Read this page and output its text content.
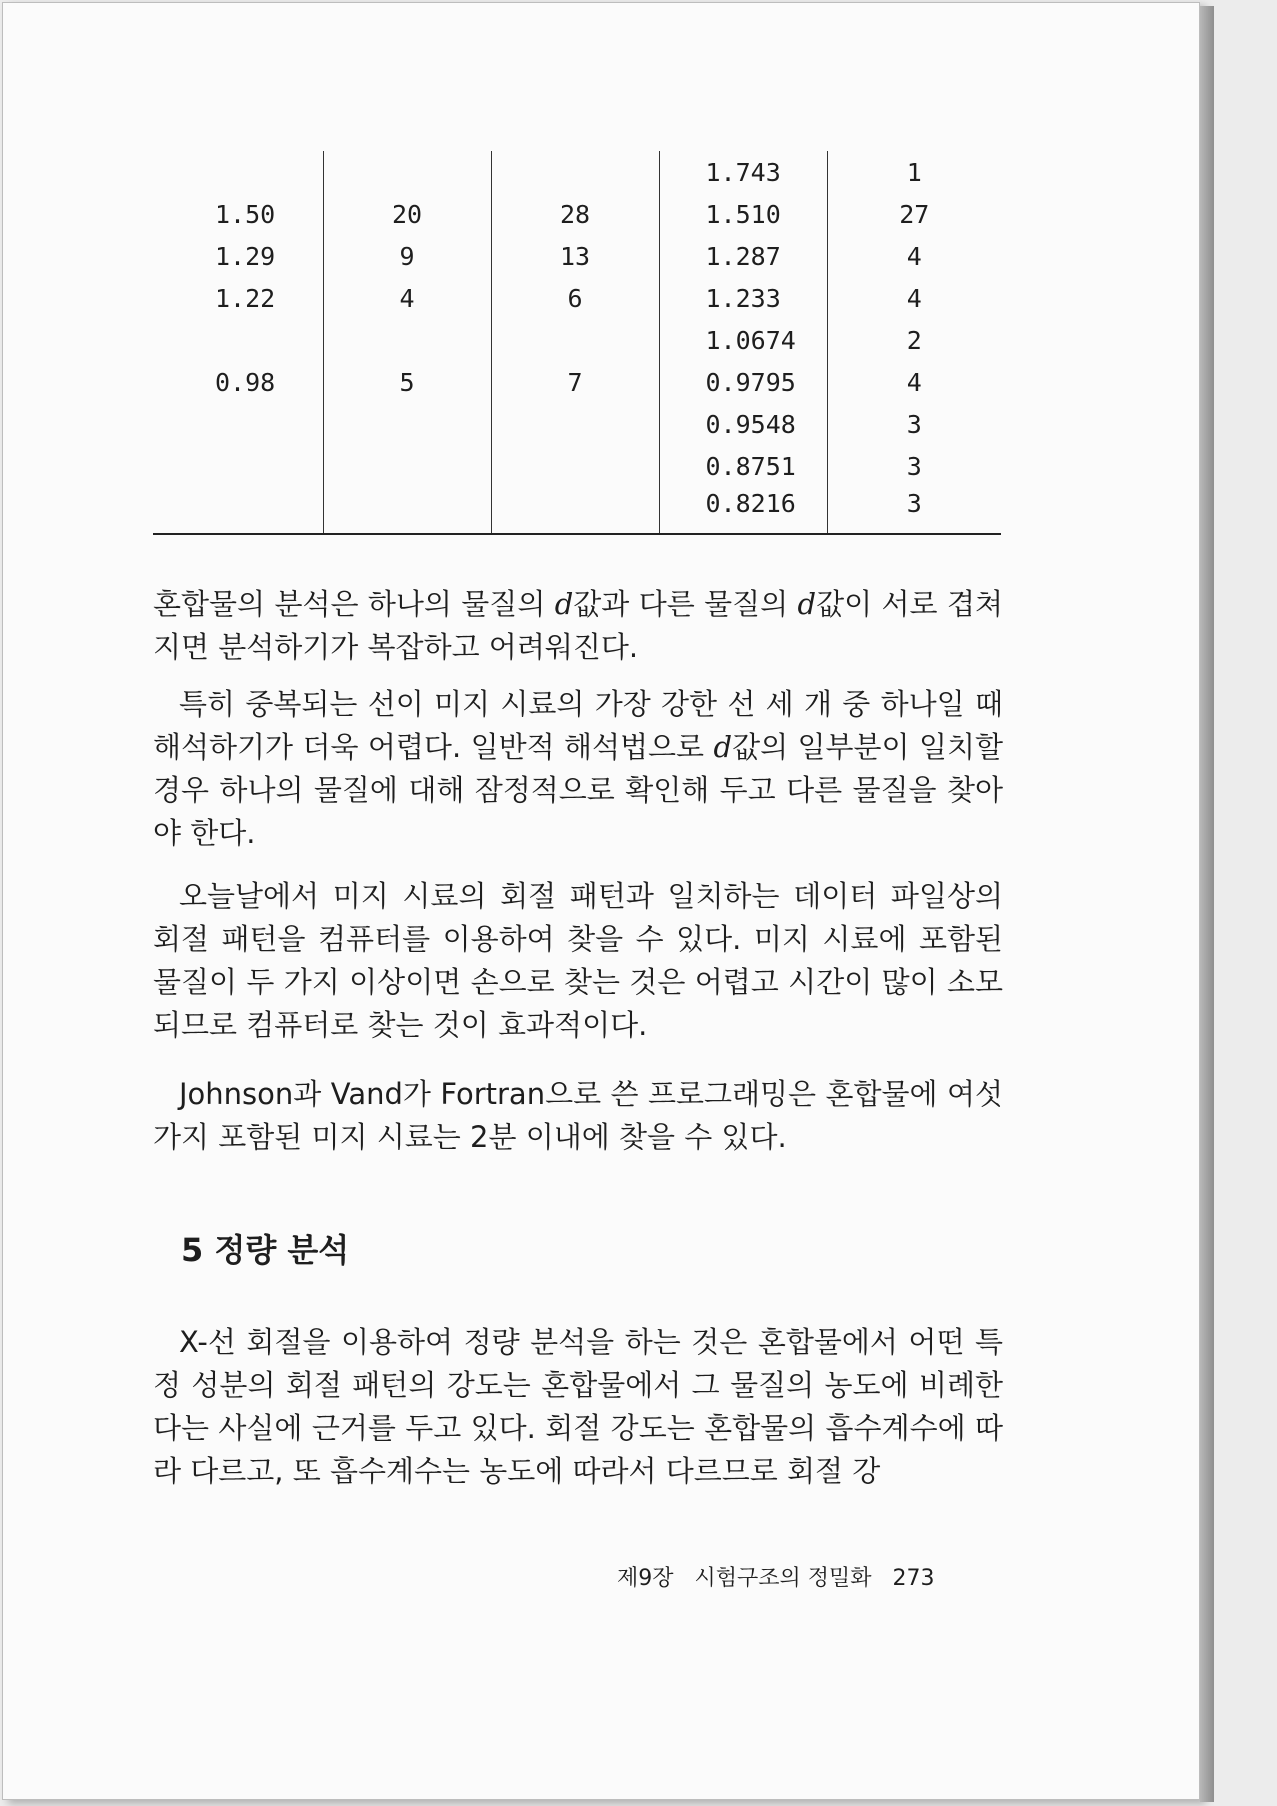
			1.743	1
1.50	20	28	1.510	27
1.29	9	13	1.287	4
1.22	4	6	1.233	4
			1.0674	2
0.98	5	7	0.9795	4
			0.9548	3
			0.8751	3
			0.8216	3

혼합물의 분석은 하나의 물질의 d값과 다른 물질의 d값이 서로 겹쳐지면 분석하기가 복잡하고 어려워진다.

특히 중복되는 선이 미지 시료의 가장 강한 선 세 개 중 하나일 때 해석하기가 더욱 어렵다. 일반적 해석법으로 d값의 일부분이 일치할 경우 하나의 물질에 대해 잠정적으로 확인해 두고 다른 물질을 찾아야 한다.

오늘날에서 미지 시료의 회절 패턴과 일치하는 데이터 파일상의 회절 패턴을 컴퓨터를 이용하여 찾을 수 있다. 미지 시료에 포함된 물질이 두 가지 이상이면 손으로 찾는 것은 어렵고 시간이 많이 소모되므로 컴퓨터로 찾는 것이 효과적이다.

Johnson과 Vand가 Fortran으로 쓴 프로그래밍은 혼합물에 여섯 가지 포함된 미지 시료는 2분 이내에 찾을 수 있다.

5 정량 분석

X-선 회절을 이용하여 정량 분석을 하는 것은 혼합물에서 어떤 특정 성분의 회절 패턴의 강도는 혼합물에서 그 물질의 농도에 비례한다는 사실에 근거를 두고 있다. 회절 강도는 혼합물의 흡수계수에 따라 다르고, 또 흡수계수는 농도에 따라서 다르므로 회절 강

제9장 시험구조의 정밀화 273
